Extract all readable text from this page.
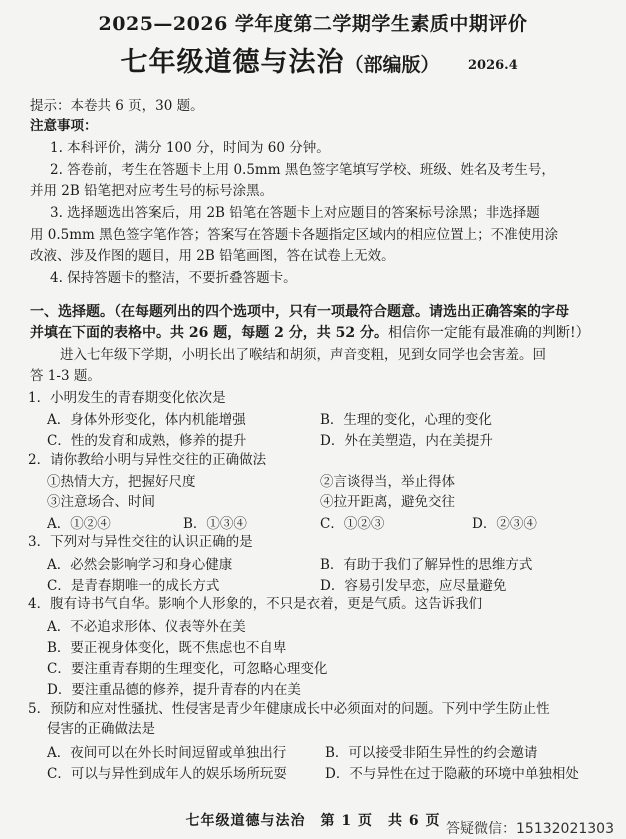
2025—2026 学年度第二学期学生素质中期评价
七年级道德与法治（部编版）	2026.4
提示：本卷共 6 页，30 题。
注意事项：
1. 本科评价，满分 100 分，时间为 60 分钟。
2. 答卷前，考生在答题卡上用 0.5mm 黑色签字笔填写学校、班级、姓名及考生号，
并用 2B 铅笔把对应考生号的标号涂黑。
3. 选择题选出答案后，用 2B 铅笔在答题卡上对应题目的答案标号涂黑；非选择题
用 0.5mm 黑色签字笔作答；答案写在答题卡各题指定区域内的相应位置上；不准使用涂
改液、涉及作图的题目，用 2B 铅笔画图，答在试卷上无效。
4. 保持答题卡的整洁，不要折叠答题卡。
一、选择题。（在每题列出的四个选项中，只有一项最符合题意。请选出正确答案的字母
并填在下面的表格中。共 26 题，每题 2 分，共 52 分。相信你一定能有最准确的判断!）
进入七年级下学期，小明长出了喉结和胡须，声音变粗，见到女同学也会害羞。回
答 1-3 题。
1．小明发生的青春期变化依次是
A．身体外形变化，体内机能增强	B．生理的变化，心理的变化
C．性的发育和成熟，修养的提升	D．外在美塑造，内在美提升
2．请你教给小明与异性交往的正确做法
①热情大方，把握好尺度	②言谈得当，举止得体
③注意场合、时间	④拉开距离，避免交往
A．①②④	B．①③④	C．①②③	D．②③④
3．下列对与异性交往的认识正确的是
A．必然会影响学习和身心健康	B．有助于我们了解异性的思维方式
C．是青春期唯一的成长方式	D．容易引发早恋，应尽量避免
4．腹有诗书气自华。影响个人形象的，不只是衣着，更是气质。这告诉我们
A．不必追求形体、仪表等外在美
B．要正视身体变化，既不焦虑也不自卑
C．要注重青春期的生理变化，可忽略心理变化
D．要注重品德的修养，提升青春的内在美
5．预防和应对性骚扰、性侵害是青少年健康成长中必须面对的问题。下列中学生防止性
侵害的正确做法是
A．夜间可以在外长时间逗留或单独出行	B．可以接受非陌生异性的约会邀请
C．可以与异性到成年人的娱乐场所玩耍	D．不与异性在过于隐蔽的环境中单独相处
七年级道德与法治　第 1 页　共 6 页 答疑微信：15132021303
